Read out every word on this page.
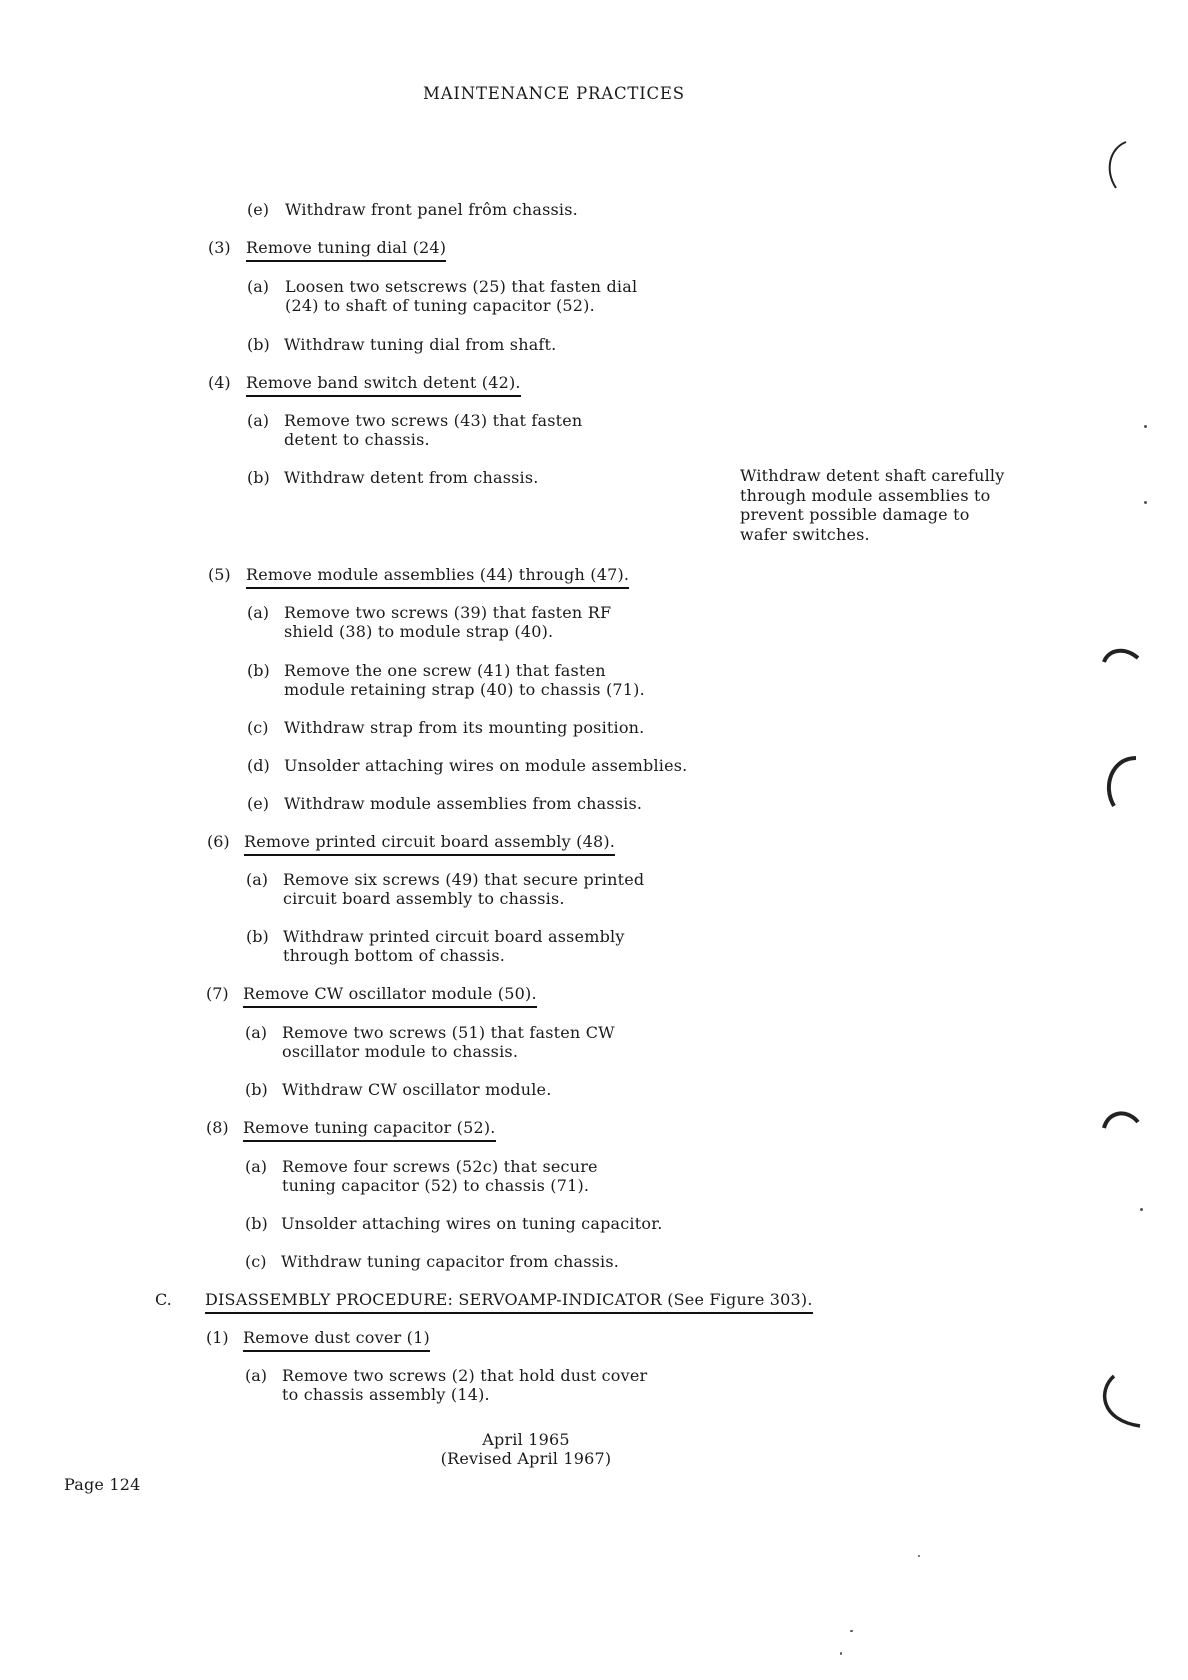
MAINTENANCE PRACTICES
(e) Withdraw front panel frôm chassis.
(3) Remove tuning dial (24)
(a) Loosen two setscrews (25) that fasten dial
(24) to shaft of tuning capacitor (52).
(b) Withdraw tuning dial from shaft.
(4) Remove band switch detent (42).
(a) Remove two screws (43) that fasten
detent to chassis.
(b) Withdraw detent from chassis.	Withdraw detent shaft carefully
through module assemblies to
prevent possible damage to
wafer switches.
(5) Remove module assemblies (44) through (47).
(a) Remove two screws (39) that fasten RF
shield (38) to module strap (40).
(b) Remove the one screw (41) that fasten
module retaining strap (40) to chassis (71).
(c) Withdraw strap from its mounting position.
(d) Unsolder attaching wires on module assemblies.
(e) Withdraw module assemblies from chassis.
(6) Remove printed circuit board assembly (48).
(a) Remove six screws (49) that secure printed
circuit board assembly to chassis.
(b) Withdraw printed circuit board assembly
through bottom of chassis.
(7) Remove CW oscillator module (50).
(a) Remove two screws (51) that fasten CW
oscillator module to chassis.
(b) Withdraw CW oscillator module.
(8) Remove tuning capacitor (52).
(a) Remove four screws (52c) that secure
tuning capacitor (52) to chassis (71).
(b) Unsolder attaching wires on tuning capacitor.
(c) Withdraw tuning capacitor from chassis.
C. DISASSEMBLY PROCEDURE: SERVOAMP-INDICATOR (See Figure 303).
(1) Remove dust cover (1)
(a) Remove two screws (2) that hold dust cover
to chassis assembly (14).
April 1965
(Revised April 1967)
Page 124
